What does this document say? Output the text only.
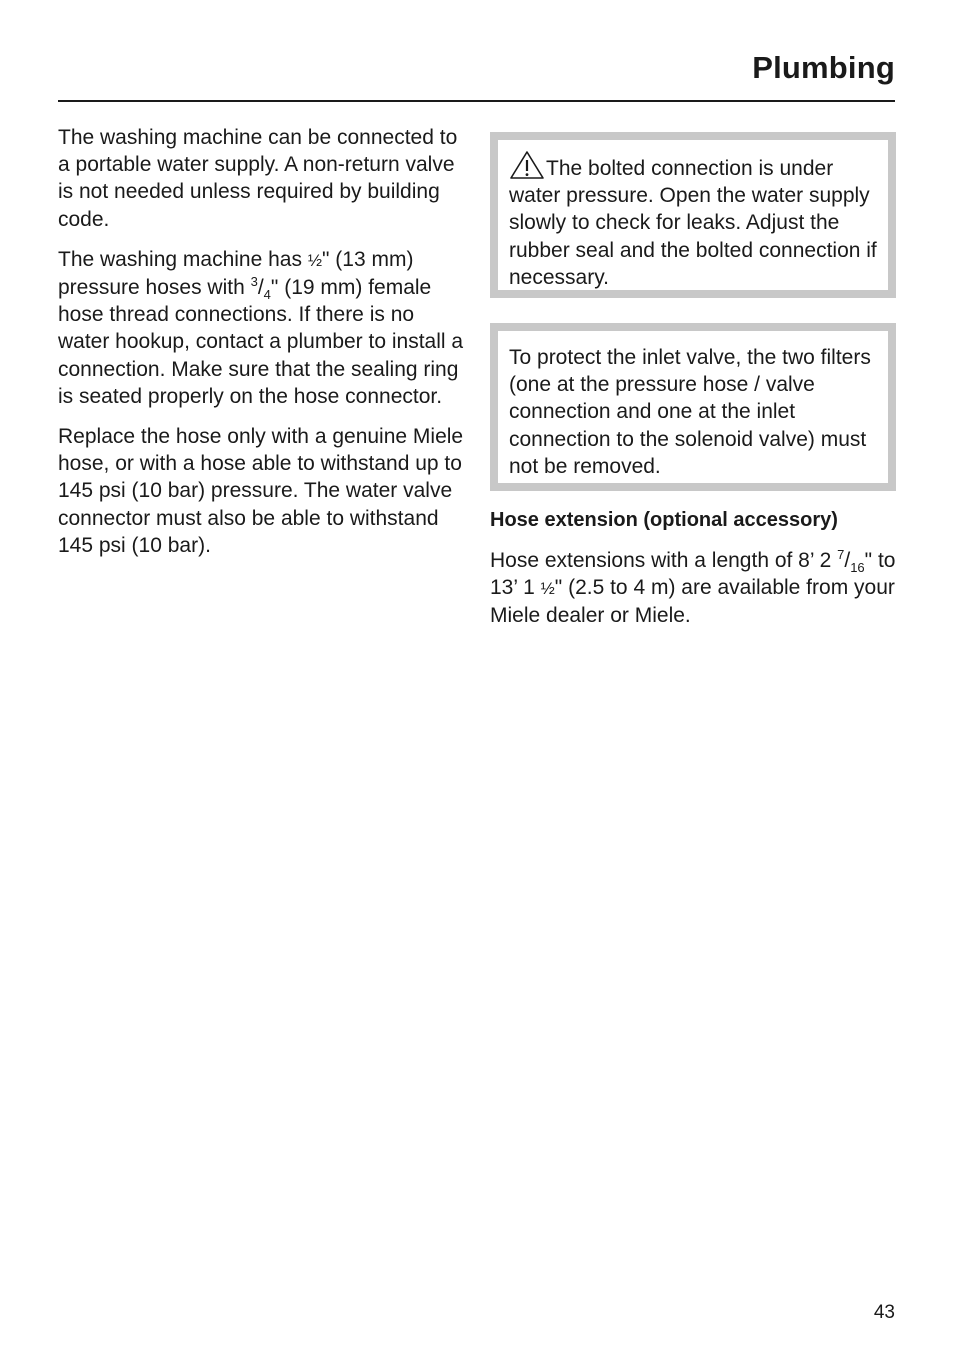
Plumbing

The washing machine can be connected to a portable water supply. A non-return valve is not needed unless required by building code.

The washing machine has ½" (13 mm) pressure hoses with $^3/_4$" (19 mm) female hose thread connections. If there is no water hookup, contact a plumber to install a connection. Make sure that the sealing ring is seated properly on the hose connector.

Replace the hose only with a genuine Miele hose, or with a hose able to withstand up to 145 psi (10 bar) pressure. The water valve connector must also be able to withstand 145 psi (10 bar).

The bolted connection is under water pressure. Open the water supply slowly to check for leaks. Adjust the rubber seal and the bolted connection if necessary.

To protect the inlet valve, the two filters (one at the pressure hose / valve connection and one at the inlet connection to the solenoid valve) must not be removed.

Hose extension (optional accessory)

Hose extensions with a length of 8’ 2 $^7/_{16}$" to 13’ 1 ½" (2.5 to 4 m) are available from your Miele dealer or Miele.

43
